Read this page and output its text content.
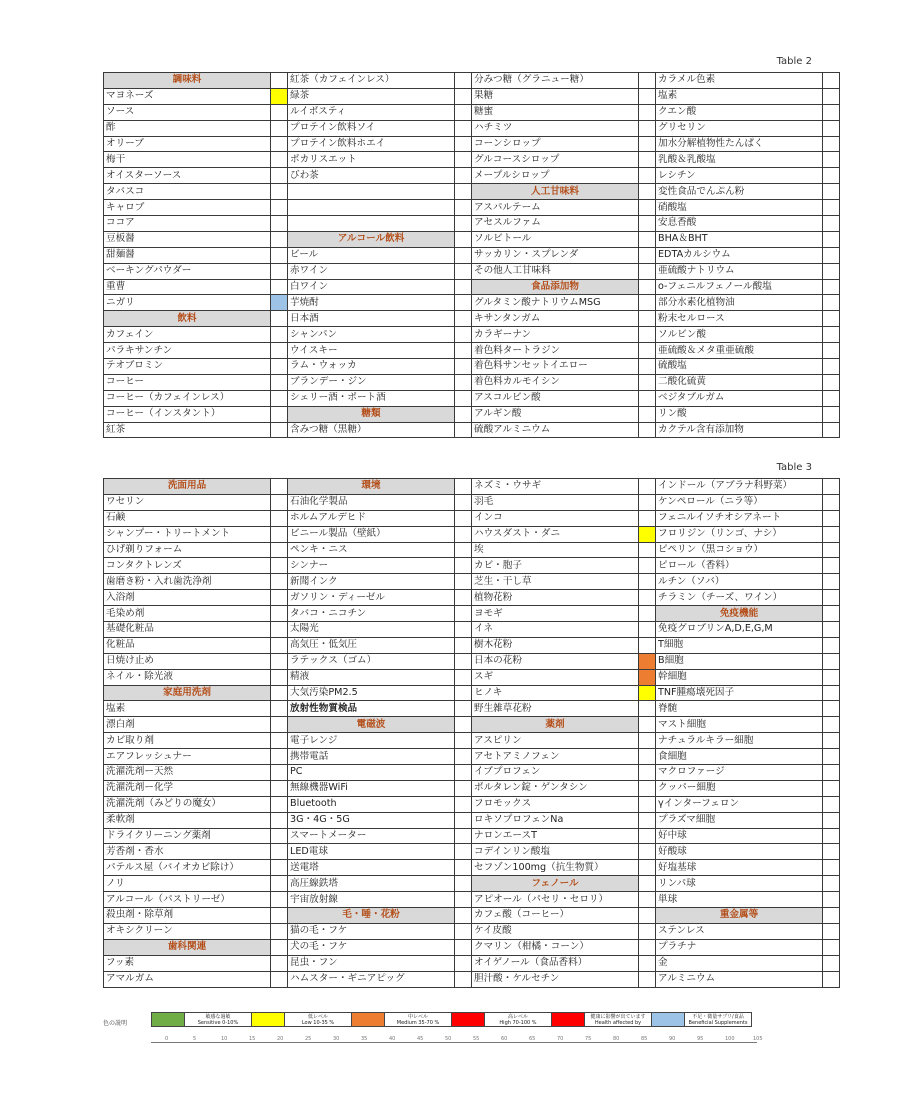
Table 2
調味料		紅茶（カフェインレス）		分みつ糖（グラニュー糖）		カラメル色素	
マヨネーズ		緑茶		果糖		塩素	
ソース		ルイボスティ		糖蜜		クエン酸	
酢		プロテイン飲料ソイ		ハチミツ		グリセリン	
オリーブ		プロテイン飲料ホエイ		コーンシロップ		加水分解植物性たんぱく	
梅干		ポカリスエット		グルコースシロップ		乳酸＆乳酸塩	
オイスターソース		びわ茶		メープルシロップ		レシチン	
タバスコ				人工甘味料		変性食品でんぷん粉	
キャロブ				アスパルテーム		硝酸塩	
ココア				アセスルファム		安息香酸	
豆板醤		アルコール飲料		ソルビトール		BHA＆BHT	
甜麺醤		ビール		サッカリン・スプレンダ		EDTAカルシウム	
ベーキングパウダー		赤ワイン		その他人工甘味料		亜硫酸ナトリウム	
重曹		白ワイン		食品添加物		o-フェニルフェノール酸塩	
ニガリ		芋焼酎		グルタミン酸ナトリウムMSG		部分水素化植物油	
飲料		日本酒		キサンタンガム		粉末セルロース	
カフェイン		シャンパン		カラギーナン		ソルビン酸	
パラキサンチン		ウイスキー		着色料タートラジン		亜硫酸＆メタ重亜硫酸	
テオブロミン		ラム・ウォッカ		着色料サンセットイエロー		硫酸塩	
コーヒー		ブランデー・ジン		着色料カルモイシン		二酸化硫黄	
コーヒー（カフェインレス）		シェリー酒・ポート酒		アスコルビン酸		ベジタブルガム	
コーヒー（インスタント）		糖類		アルギン酸		リン酸	
紅茶		含みつ糖（黒糖）		硫酸アルミニウム		カクテル含有添加物	
Table 3
洗面用品		環境		ネズミ・ウサギ		インドール（アブラナ科野菜）	
ワセリン		石油化学製品		羽毛		ケンペロール（ニラ等）	
石鹸		ホルムアルデヒド		インコ		フェニルイソチオシアネート	
シャンプー・トリートメント		ビニール製品（壁紙）		ハウスダスト・ダニ		フロリジン（リンゴ、ナシ）	
ひげ剃りフォーム		ペンキ・ニス		埃		ピペリン（黒コショウ）	
コンタクトレンズ		シンナー		カビ・胞子		ピロール（香料）	
歯磨き粉・入れ歯洗浄剤		新聞インク		芝生・干し草		ルチン（ソバ）	
入浴剤		ガソリン・ディーゼル		植物花粉		チラミン（チーズ、ワイン）	
毛染め剤		タバコ・ニコチン		ヨモギ		免疫機能	
基礎化粧品		太陽光		イネ		免疫グロブリンA,D,E,G,M	
化粧品		高気圧・低気圧		樹木花粉		T細胞	
日焼け止め		ラテックス（ゴム）		日本の花粉		B細胞	
ネイル・除光液		精液		スギ		幹細胞	
家庭用洗剤		大気汚染PM2.5		ヒノキ		TNF腫瘍壊死因子	
塩素		放射性物質検品		野生雑草花粉		脊髄	
漂白剤		電磁波		薬剤		マスト細胞	
カビ取り剤		電子レンジ		アスピリン		ナチュラルキラー細胞	
エアフレッシュナー		携帯電話		アセトアミノフェン		食細胞	
洗濯洗剤ー天然		PC		イブプロフェン		マクロファージ	
洗濯洗剤ー化学		無線機器WiFi		ボルタレン錠・ゲンタシン		クッパー細胞	
洗濯洗剤（みどりの魔女）		Bluetooth		フロモックス		γインターフェロン	
柔軟剤		3G・4G・5G		ロキソプロフェンNa		プラズマ細胞	
ドライクリーニング薬剤		スマートメーター		ナロンエースT		好中球	
芳香剤・香水		LED電球		コデインリン酸塩		好酸球	
パテルス屋（バイオカビ除け）		送電塔		セフゾン100mg（抗生物質）		好塩基球	
ノリ		高圧線鉄塔		フェノール		リンパ球	
アルコール（パストリーゼ）		宇宙放射線		アピオール（パセリ・セロリ）		単球	
殺虫剤・除草剤		毛・唾・花粉		カフェ酸（コーヒー）		重金属等	
オキシクリーン		猫の毛・フケ		ケイ皮酸		ステンレス	
歯科関連		犬の毛・フケ		クマリン（柑橘・コーン）		プラチナ	
フッ素		昆虫・フン		オイゲノール（食品香料）		金	
アマルガム		ハムスター・ギニアピッグ		胆汁酸・ケルセチン		アルミニウム	
色の説明

敏感な過敏
Sensitive 0-10%

低レベル
Low 10-35 %

中レベル
Medium 35-70 %

高レベル
High 70-100 %

健康に影響が出ています
Health affected by

不足・微量サプリ/食品
Beneficial Supplements
0	5	10	15	20	25	30	35	40	45	50	55	60	65	70	75	80	85	90	95	100	105
